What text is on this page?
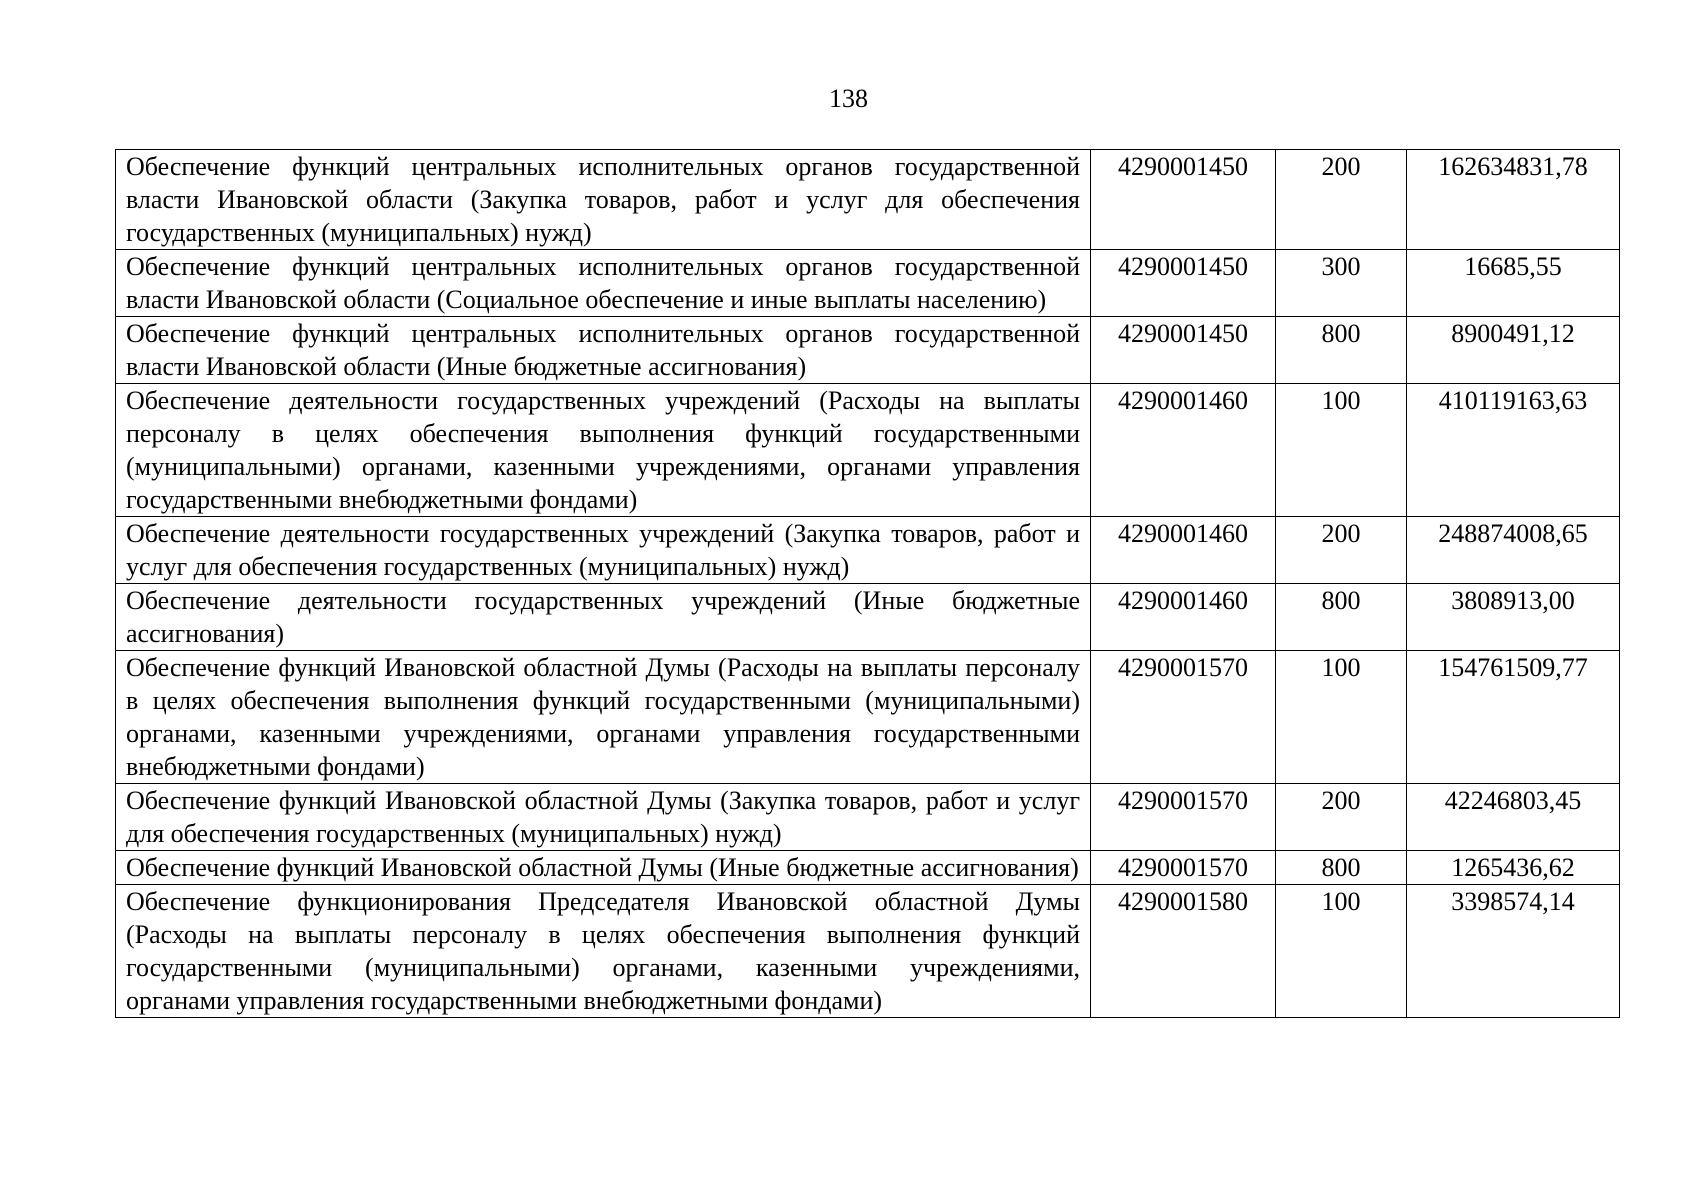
138
Обеспечение функций центральных исполнительных органов государственной власти Ивановской области (Закупка товаров, работ и услуг для обеспечения государственных (муниципальных) нужд)	4290001450	200	162634831,78
Обеспечение функций центральных исполнительных органов государственной власти Ивановской области (Социальное обеспечение и иные выплаты населению)	4290001450	300	16685,55
Обеспечение функций центральных исполнительных органов государственной власти Ивановской области (Иные бюджетные ассигнования)	4290001450	800	8900491,12
Обеспечение деятельности государственных учреждений (Расходы на выплаты персоналу в целях обеспечения выполнения функций государственными (муниципальными) органами, казенными учреждениями, органами управления государственными внебюджетными фондами)	4290001460	100	410119163,63
Обеспечение деятельности государственных учреждений (Закупка товаров, работ и услуг для обеспечения государственных (муниципальных) нужд)	4290001460	200	248874008,65
Обеспечение деятельности государственных учреждений (Иные бюджетные ассигнования)	4290001460	800	3808913,00
Обеспечение функций Ивановской областной Думы (Расходы на выплаты персоналу в целях обеспечения выполнения функций государственными (муниципальными) органами, казенными учреждениями, органами управления государственными внебюджетными фондами)	4290001570	100	154761509,77
Обеспечение функций Ивановской областной Думы (Закупка товаров, работ и услуг для обеспечения государственных (муниципальных) нужд)	4290001570	200	42246803,45
Обеспечение функций Ивановской областной Думы (Иные бюджетные ассигнования)	4290001570	800	1265436,62
Обеспечение функционирования Председателя Ивановской областной Думы (Расходы на выплаты персоналу в целях обеспечения выполнения функций государственными (муниципальными) органами, казенными учреждениями, органами управления государственными внебюджетными фондами)	4290001580	100	3398574,14
